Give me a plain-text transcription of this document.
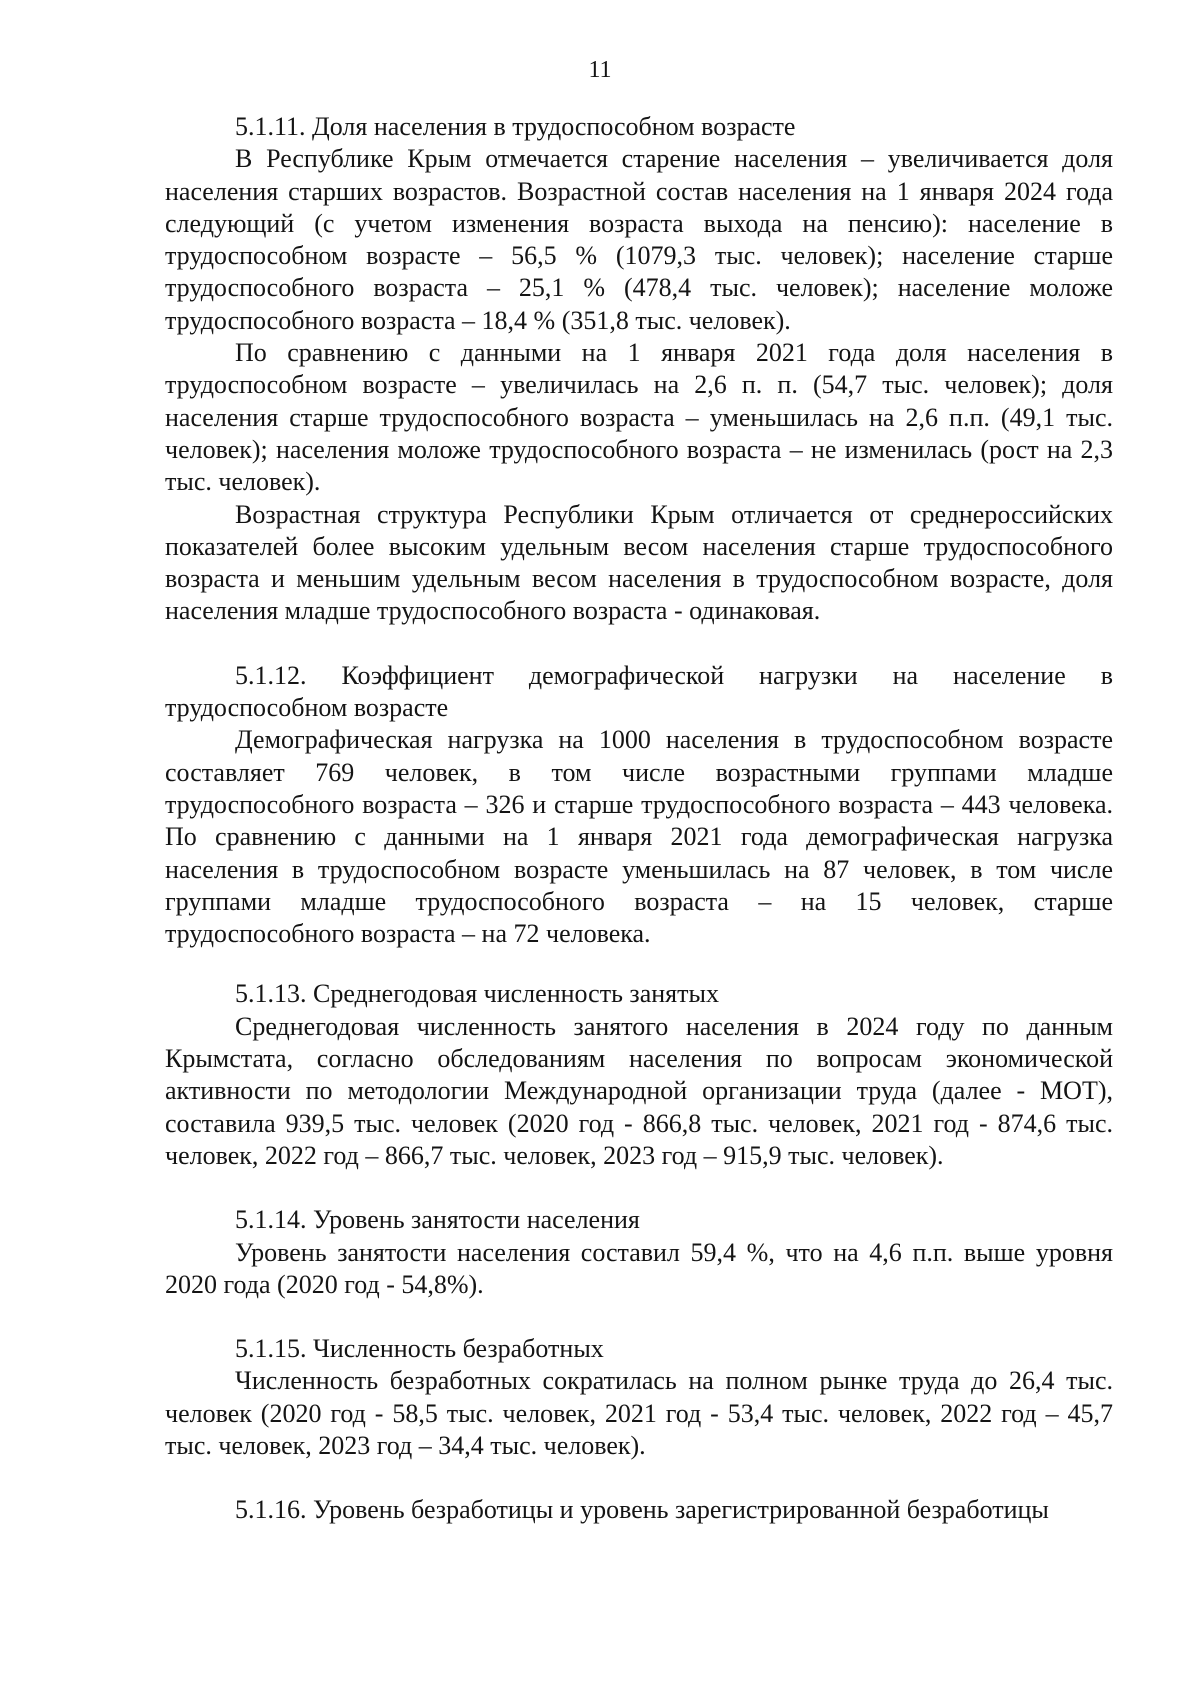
11

5.1.11. Доля населения в трудоспособном возрасте

В Республике Крым отмечается старение населения – увеличивается доля населения старших возрастов. Возрастной состав населения на 1 января 2024 года следующий (с учетом изменения возраста выхода на пенсию): население в трудоспособном возрасте – 56,5 % (1079,3 тыс. человек); население старше трудоспособного возраста – 25,1 % (478,4 тыс. человек); население моложе трудоспособного возраста – 18,4 % (351,8 тыс. человек).

По сравнению с данными на 1 января 2021 года доля населения в трудоспособном возрасте – увеличилась на 2,6 п. п. (54,7 тыс. человек); доля населения старше трудоспособного возраста – уменьшилась на 2,6 п.п. (49,1 тыс. человек); населения моложе трудоспособного возраста – не изменилась (рост на 2,3 тыс. человек).

Возрастная структура Республики Крым отличается от среднероссийских показателей более высоким удельным весом населения старше трудоспособного возраста и меньшим удельным весом населения в трудоспособном возрасте, доля населения младше трудоспособного возраста - одинаковая.

5.1.12. Коэффициент демографической нагрузки на население в трудоспособном возрасте

Демографическая нагрузка на 1000 населения в трудоспособном возрасте составляет 769 человек, в том числе возрастными группами младше трудоспособного возраста – 326 и старше трудоспособного возраста – 443 человека. По сравнению с данными на 1 января 2021 года демографическая нагрузка населения в трудоспособном возрасте уменьшилась на 87 человек, в том числе группами младше трудоспособного возраста – на 15 человек, старше трудоспособного возраста – на 72 человека.

5.1.13. Среднегодовая численность занятых

Среднегодовая численность занятого населения в 2024 году по данным Крымстата, согласно обследованиям населения по вопросам экономической активности по методологии Международной организации труда (далее - МОТ), составила 939,5 тыс. человек (2020 год - 866,8 тыс. человек, 2021 год - 874,6 тыс. человек, 2022 год – 866,7 тыс. человек, 2023 год – 915,9 тыс. человек).

5.1.14. Уровень занятости населения

Уровень занятости населения составил 59,4 %, что на 4,6 п.п. выше уровня 2020 года (2020 год - 54,8%).

5.1.15. Численность безработных

Численность безработных сократилась на полном рынке труда до 26,4 тыс. человек (2020 год - 58,5 тыс. человек, 2021 год - 53,4 тыс. человек, 2022 год – 45,7 тыс. человек, 2023 год – 34,4 тыс. человек).

5.1.16. Уровень безработицы и уровень зарегистрированной безработицы
